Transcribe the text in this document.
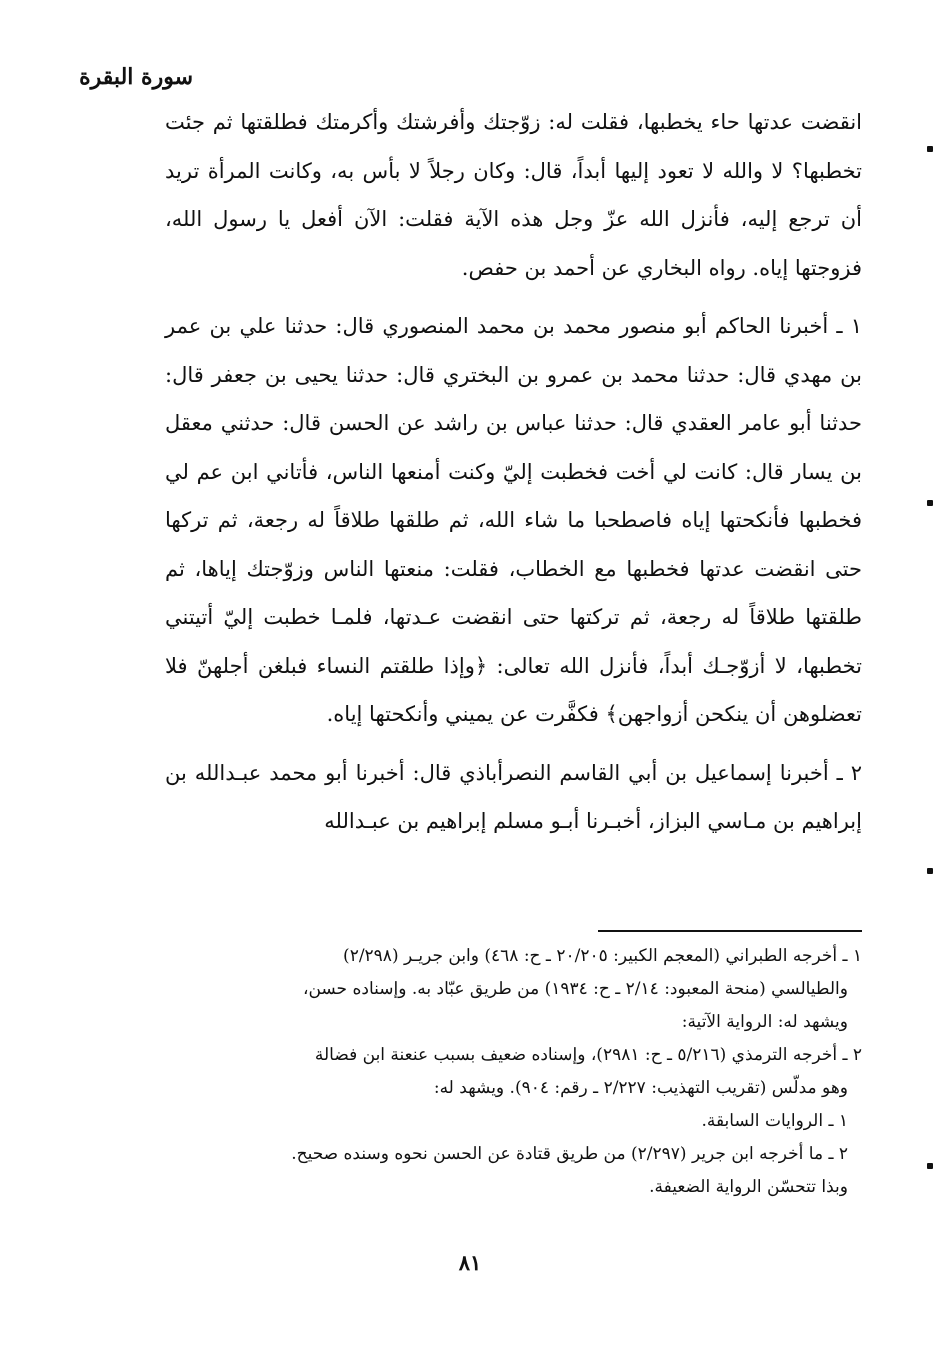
سورة البقرة

انقضت عدتها حاء يخطبها، فقلت له: زوّجتك وأفرشتك وأكرمتك فطلقتها ثم جئت تخطبها؟ لا والله لا تعود إليها أبداً، قال: وكان رجلاً لا بأس به، وكانت المرأة تريد أن ترجع إليه، فأنزل الله عزّ وجل هذه الآية فقلت: الآن أفعل يا رسول الله، فزوجتها إياه. رواه البخاري عن أحمد بن حفص.

١ ـ أخبرنا الحاكم أبو منصور محمد بن محمد المنصوري قال: حدثنا علي بن عمر بن مهدي قال: حدثنا محمد بن عمرو بن البختري قال: حدثنا يحيى بن جعفر قال: حدثنا أبو عامر العقدي قال: حدثنا عباس بن راشد عن الحسن قال: حدثني معقل بن يسار قال: كانت لي أخت فخطبت إليّ وكنت أمنعها الناس، فأتاني ابن عم لي فخطبها فأنكحتها إياه فاصطحبا ما شاء الله، ثم طلقها طلاقاً له رجعة، ثم تركها حتى انقضت عدتها فخطبها مع الخطاب، فقلت: منعتها الناس وزوّجتك إياها، ثم طلقتها طلاقاً له رجعة، ثم تركتها حتى انقضت عـدتها، فلمـا خطبت إليّ أتيتني تخطبها، لا أزوّجـك أبداً، فأنزل الله تعالى: ﴿وإذا طلقتم النساء فبلغن أجلهنّ فلا تعضلوهن أن ينكحن أزواجهن﴾ فكفَّرت عن يميني وأنكحتها إياه.

٢ ـ أخبرنا إسماعيل بن أبي القاسم النصرأباذي قال: أخبرنا أبو محمد عبـدالله بن إبراهيم بن مـاسي البزاز، أخبـرنا أبـو مسلم إبراهيم بن عبـدالله

١ ـ أخرجه الطبراني (المعجم الكبير: ٢٠/٢٠٥ ـ ح: ٤٦٨) وابن جريـر (٢/٢٩٨)
والطيالسي (منحة المعبود: ٢/١٤ ـ ح: ١٩٣٤) من طريق عبّاد به. وإسناده حسن،
ويشهد له: الرواية الآتية:
٢ ـ أخرجه الترمذي (٥/٢١٦ ـ ح: ٢٩٨١)، وإسناده ضعيف بسبب عنعنة ابن فضالة
وهو مدلّس (تقريب التهذيب: ٢/٢٢٧ ـ رقم: ٩٠٤). ويشهد له:
١ ـ الروايات السابقة.
٢ ـ ما أخرجه ابن جرير (٢/٢٩٧) من طريق قتادة عن الحسن نحوه وسنده صحيح.
وبذا تتحسّن الرواية الضعيفة.
٨١
